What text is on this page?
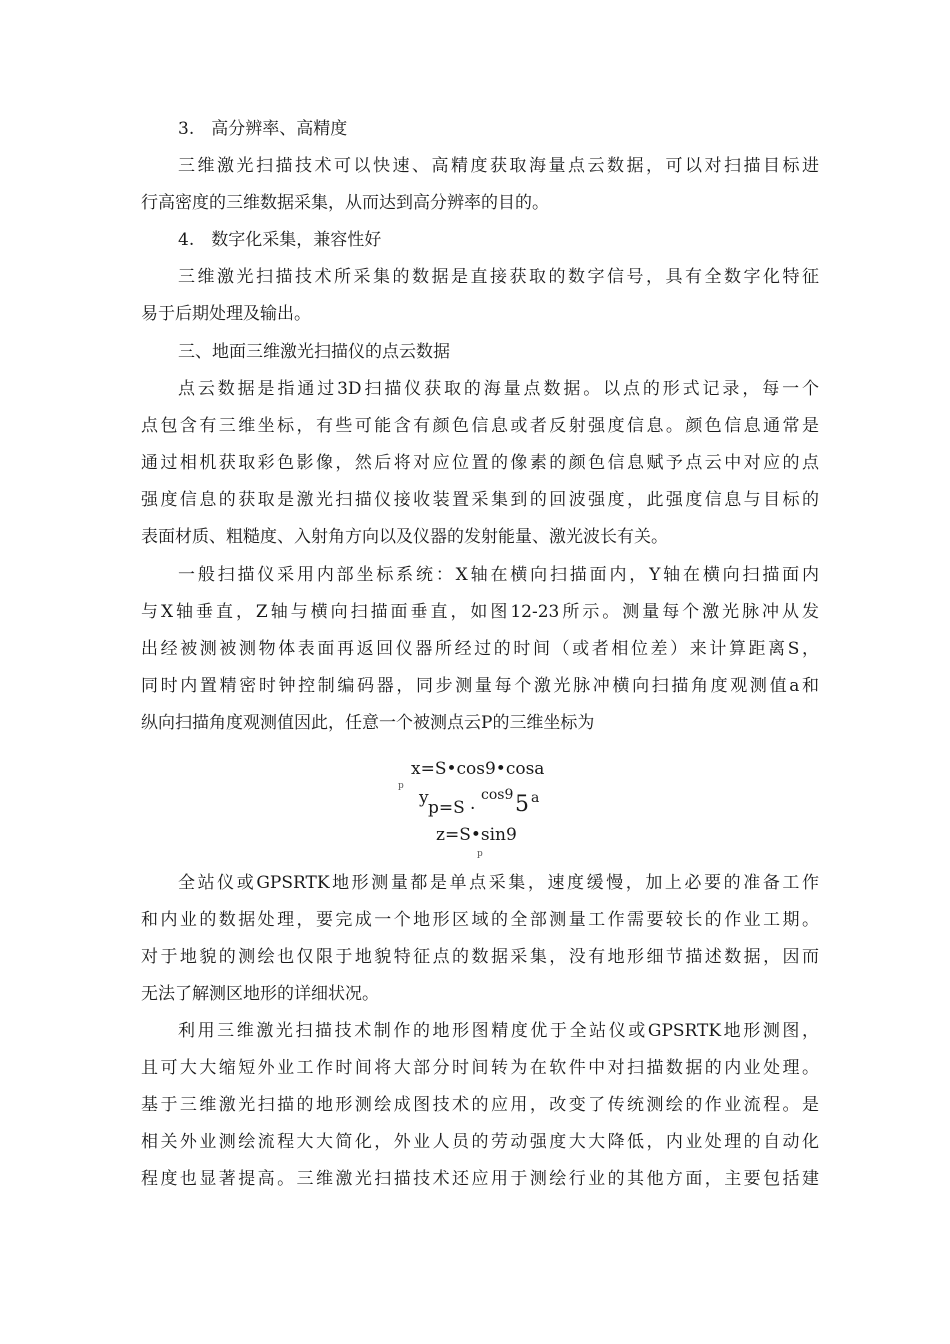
3.　高分辨率、高精度
三维激光扫描技术可以快速、高精度获取海量点云数据，可以对扫描目标进
行高密度的三维数据采集，从而达到高分辨率的目的。
4.　数字化采集，兼容性好
三维激光扫描技术所采集的数据是直接获取的数字信号，具有全数字化特征
易于后期处理及输出。
三、地面三维激光扫描仪的点云数据
点云数据是指通过3D扫描仪获取的海量点数据。以点的形式记录，每一个
点包含有三维坐标，有些可能含有颜色信息或者反射强度信息。颜色信息通常是
通过相机获取彩色影像，然后将对应位置的像素的颜色信息赋予点云中对应的点
强度信息的获取是激光扫描仪接收装置采集到的回波强度，此强度信息与目标的
表面材质、粗糙度、入射角方向以及仪器的发射能量、激光波长有关。
一般扫描仪采用内部坐标系统：X轴在横向扫描面内，Y轴在横向扫描面内
与X轴垂直，Z轴与横向扫描面垂直，如图12-23所示。测量每个激光脉冲从发
出经被测被测物体表面再返回仪器所经过的时间（或者相位差）来计算距离S，
同时内置精密时钟控制编码器，同步测量每个激光脉冲横向扫描角度观测值a和
纵向扫描角度观测值因此，任意一个被测点云P的三维坐标为
x=S•cos9•cosa
p
y p=S ·
cos9 5 a
z=S•sin9
p
全站仪或GPSRTK地形测量都是单点采集，速度缓慢，加上必要的准备工作
和内业的数据处理，要完成一个地形区域的全部测量工作需要较长的作业工期。
对于地貌的测绘也仅限于地貌特征点的数据采集，没有地形细节描述数据，因而
无法了解测区地形的详细状况。
利用三维激光扫描技术制作的地形图精度优于全站仪或GPSRTK地形测图，
且可大大缩短外业工作时间将大部分时间转为在软件中对扫描数据的内业处理。
基于三维激光扫描的地形测绘成图技术的应用，改变了传统测绘的作业流程。是
相关外业测绘流程大大简化，外业人员的劳动强度大大降低，内业处理的自动化
程度也显著提高。三维激光扫描技术还应用于测绘行业的其他方面，主要包括建
